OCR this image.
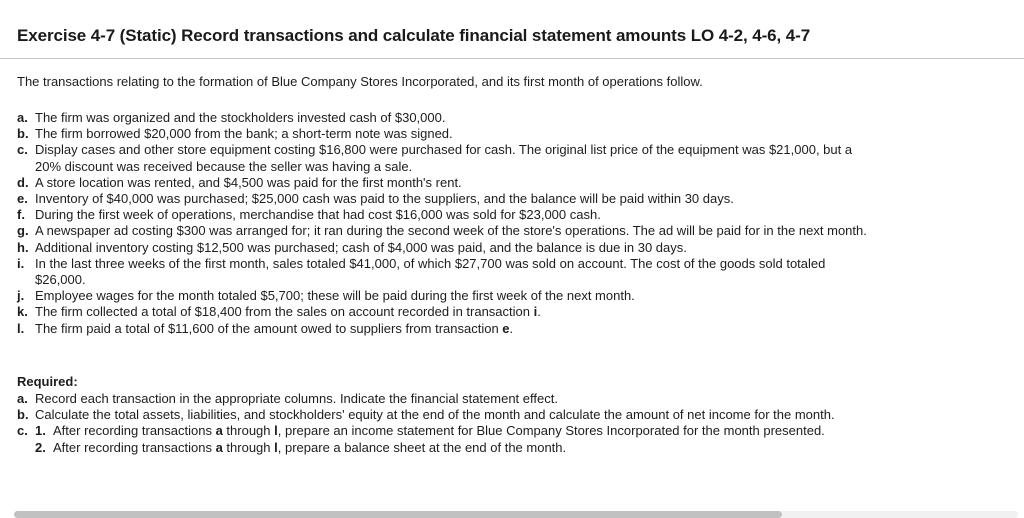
Exercise 4-7 (Static) Record transactions and calculate financial statement amounts LO 4-2, 4-6, 4-7
The transactions relating to the formation of Blue Company Stores Incorporated, and its first month of operations follow.
a. The firm was organized and the stockholders invested cash of $30,000.
b. The firm borrowed $20,000 from the bank; a short-term note was signed.
c. Display cases and other store equipment costing $16,800 were purchased for cash. The original list price of the equipment was $21,000, but a 20% discount was received because the seller was having a sale.
d. A store location was rented, and $4,500 was paid for the first month's rent.
e. Inventory of $40,000 was purchased; $25,000 cash was paid to the suppliers, and the balance will be paid within 30 days.
f. During the first week of operations, merchandise that had cost $16,000 was sold for $23,000 cash.
g. A newspaper ad costing $300 was arranged for; it ran during the second week of the store's operations. The ad will be paid for in the next month.
h. Additional inventory costing $12,500 was purchased; cash of $4,000 was paid, and the balance is due in 30 days.
i. In the last three weeks of the first month, sales totaled $41,000, of which $27,700 was sold on account. The cost of the goods sold totaled $26,000.
j. Employee wages for the month totaled $5,700; these will be paid during the first week of the next month.
k. The firm collected a total of $18,400 from the sales on account recorded in transaction i.
l. The firm paid a total of $11,600 of the amount owed to suppliers from transaction e.
Required:
a. Record each transaction in the appropriate columns. Indicate the financial statement effect.
b. Calculate the total assets, liabilities, and stockholders' equity at the end of the month and calculate the amount of net income for the month.
c. 1. After recording transactions a through l, prepare an income statement for Blue Company Stores Incorporated for the month presented.
2. After recording transactions a through l, prepare a balance sheet at the end of the month.
